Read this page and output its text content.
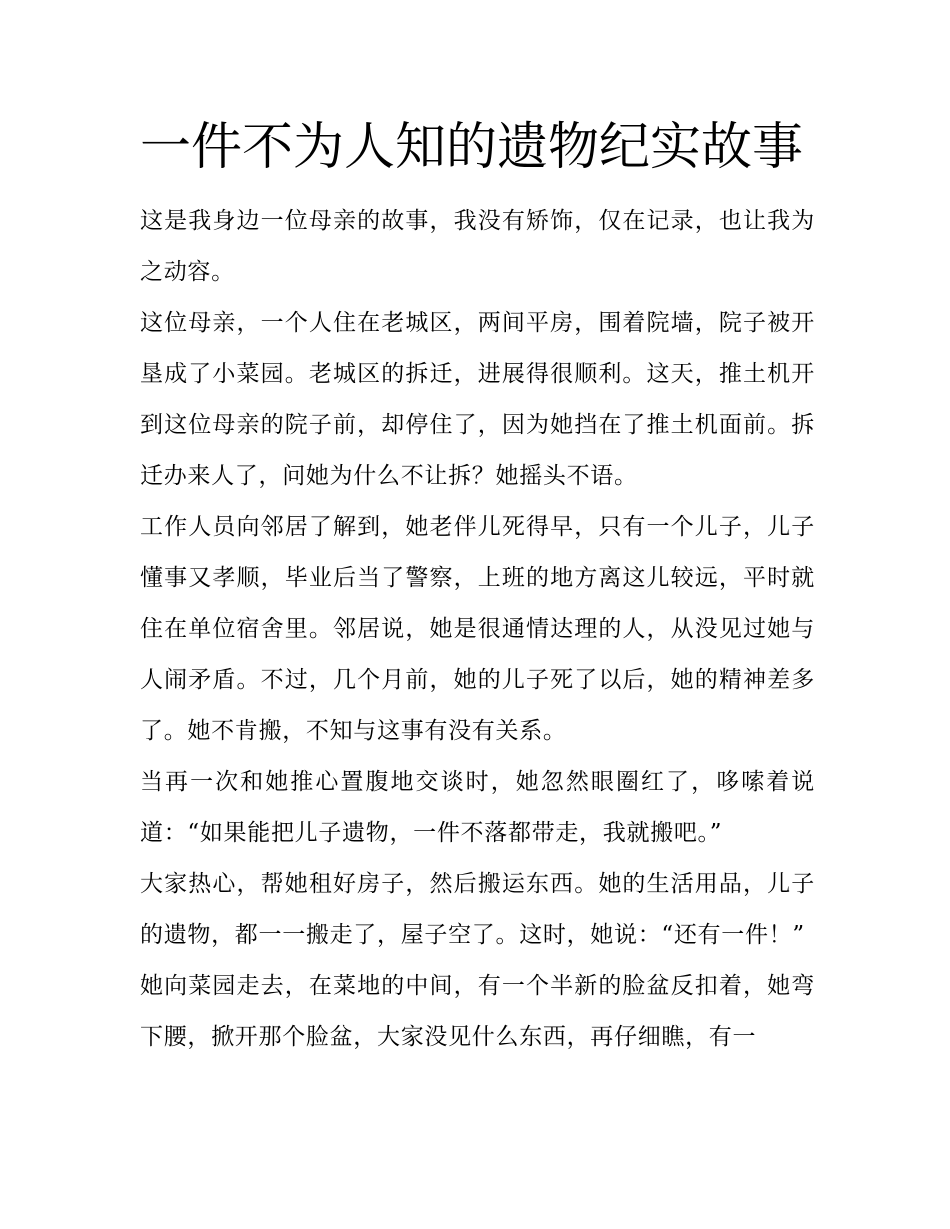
一件不为人知的遗物纪实故事

这是我身边一位母亲的故事，我没有矫饰，仅在记录，也让我为之动容。

这位母亲，一个人住在老城区，两间平房，围着院墙，院子被开垦成了小菜园。老城区的拆迁，进展得很顺利。这天，推土机开到这位母亲的院子前，却停住了，因为她挡在了推土机面前。拆迁办来人了，问她为什么不让拆？她摇头不语。

工作人员向邻居了解到，她老伴儿死得早，只有一个儿子，儿子懂事又孝顺，毕业后当了警察，上班的地方离这儿较远，平时就住在单位宿舍里。邻居说，她是很通情达理的人，从没见过她与人闹矛盾。不过，几个月前，她的儿子死了以后，她的精神差多了。她不肯搬，不知与这事有没有关系。

当再一次和她推心置腹地交谈时，她忽然眼圈红了，哆嗦着说道：“如果能把儿子遗物，一件不落都带走，我就搬吧。”

大家热心，帮她租好房子，然后搬运东西。她的生活用品，儿子的遗物，都一一搬走了，屋子空了。这时，她说：“还有一件！”

她向菜园走去，在菜地的中间，有一个半新的脸盆反扣着，她弯下腰，掀开那个脸盆，大家没见什么东西，再仔细瞧，有一
